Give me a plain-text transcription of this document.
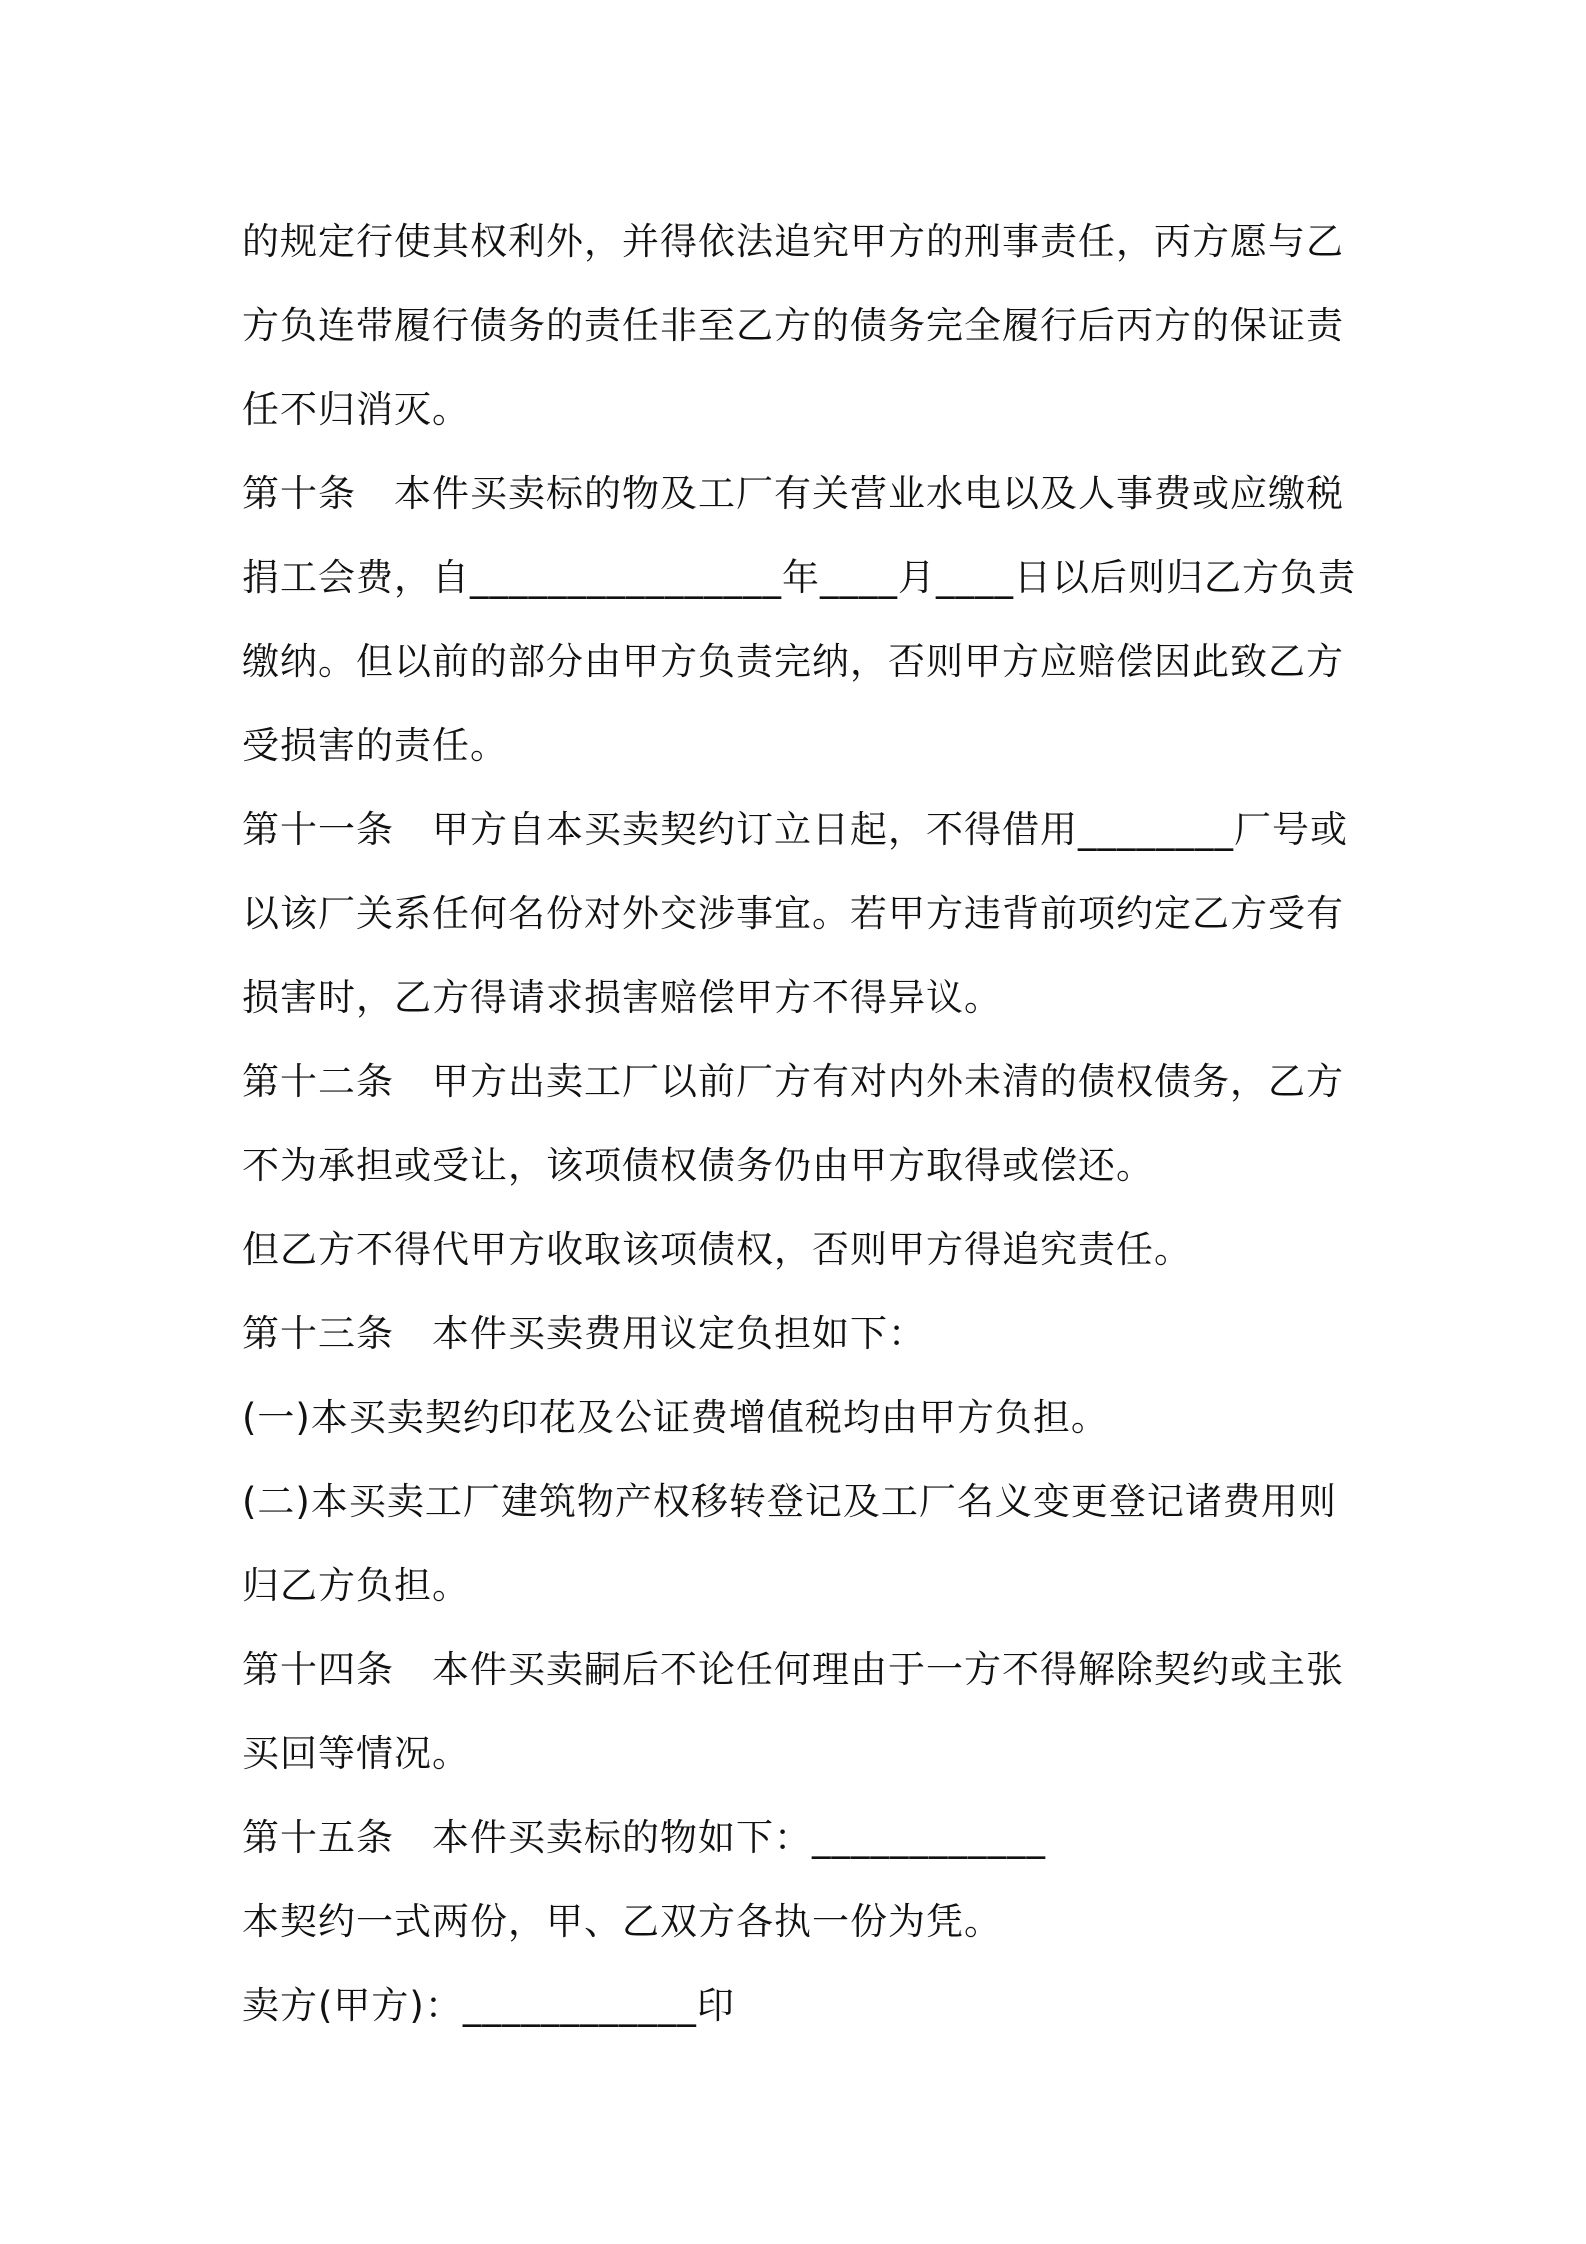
的规定行使其权利外，并得依法追究甲方的刑事责任，丙方愿与乙方负连带履行债务的责任非至乙方的债务完全履行后丙方的保证责任不归消灭。

第十条　本件买卖标的物及工厂有关营业水电以及人事费或应缴税捐工会费，自________________年____月____日以后则归乙方负责缴纳。但以前的部分由甲方负责完纳，否则甲方应赔偿因此致乙方受损害的责任。

第十一条　甲方自本买卖契约订立日起，不得借用________厂号或以该厂关系任何名份对外交涉事宜。若甲方违背前项约定乙方受有损害时，乙方得请求损害赔偿甲方不得异议。

第十二条　甲方出卖工厂以前厂方有对内外未清的债权债务，乙方不为承担或受让，该项债权债务仍由甲方取得或偿还。

但乙方不得代甲方收取该项债权，否则甲方得追究责任。

第十三条　本件买卖费用议定负担如下：

(一)本买卖契约印花及公证费增值税均由甲方负担。

(二)本买卖工厂建筑物产权移转登记及工厂名义变更登记诸费用则归乙方负担。

第十四条　本件买卖嗣后不论任何理由于一方不得解除契约或主张买回等情况。

第十五条　本件买卖标的物如下：____________

本契约一式两份，甲、乙双方各执一份为凭。

卖方(甲方)：____________印
